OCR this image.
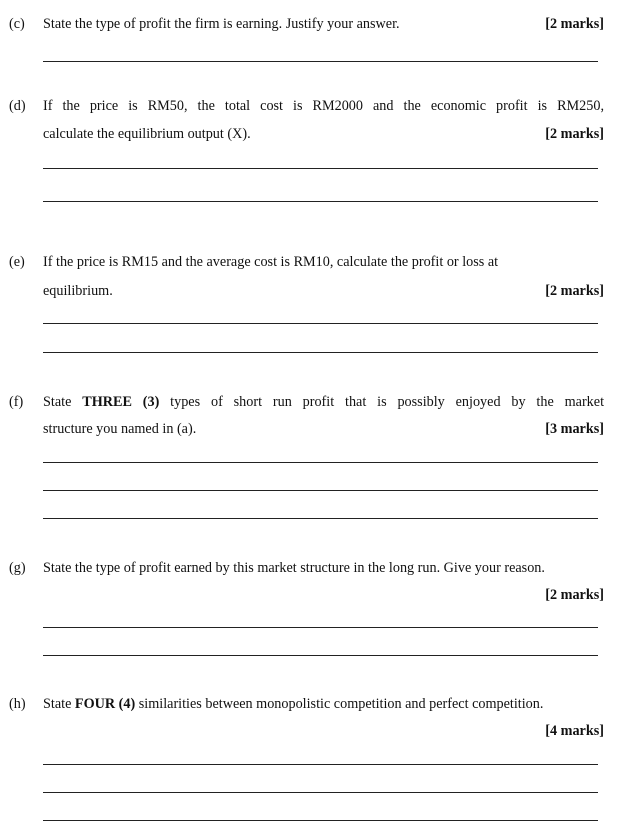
(c) State the type of profit the firm is earning. Justify your answer.	[2 marks]
(d) If the price is RM50, the total cost is RM2000 and the economic profit is RM250,
calculate the equilibrium output (X).	[2 marks]
(e) If the price is RM15 and the average cost is RM10, calculate the profit or loss at
equilibrium.	[2 marks]
(f) State THREE (3) types of short run profit that is possibly enjoyed by the market
structure you named in (a).	[3 marks]
(g) State the type of profit earned by this market structure in the long run. Give your reason.
[2 marks]
(h) State FOUR (4) similarities between monopolistic competition and perfect competition.
[4 marks]
